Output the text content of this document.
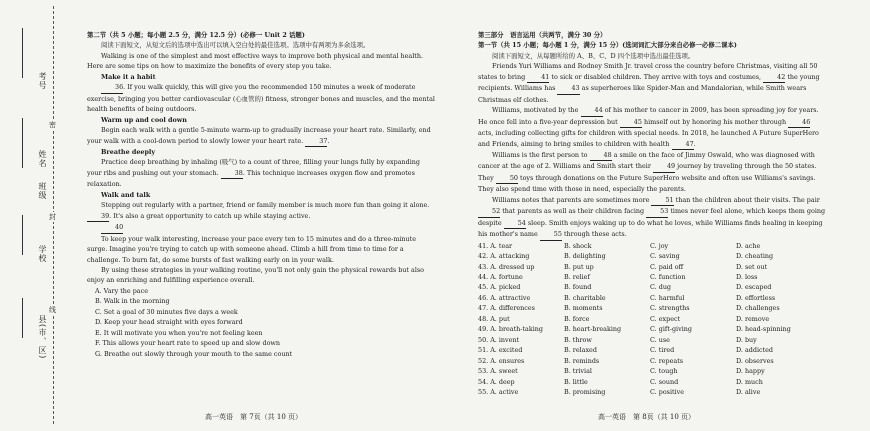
考号
姓名
班级
学校
县(市、区)
密
封
线

第二节（共 5 小题；每小题 2.5 分，满分 12.5 分）(必修一 Unit 2 话题)

阅读下面短文，从短文后的选项中选出可以填入空白处的最佳选项。选项中有两项为多余选项。

Walking is one of the simplest and most effective ways to improve both physical and mental health. Here are some tips on how to maximize the benefits of every step you take.

Make it a habit

36. If you walk quickly, this will give you the recommended 150 minutes a week of moderate exercise, bringing you better cardiovascular (心血管的) fitness, stronger bones and muscles, and the mental health benefits of being outdoors.

Warm up and cool down

Begin each walk with a gentle 5-minute warm-up to gradually increase your heart rate. Similarly, end your walk with a cool-down period to slowly lower your heart rate.	37.

Breathe deeply

Practice deep breathing by inhaling (吸气) to a count of three, filling your lungs fully by expanding your ribs and pushing out your stomach.	38. This technique increases oxygen flow and promotes relaxation.

Walk and talk

Stepping out regularly with a partner, friend or family member is much more fun than going it alone. 39. It's also a great opportunity to catch up while staying active.

40

To keep your walk interesting, increase your pace every ten to 15 minutes and do a three-minute surge. Imagine you're trying to catch up with someone ahead. Climb a hill from time to time for a challenge. To burn fat, do some bursts of fast walking early on in your walk.

By using these strategies in your walking routine, you'll not only gain the physical rewards but also enjoy an enriching and fulfilling experience overall.

A. Vary the pace

B. Walk in the morning

C. Set a goal of 30 minutes five days a week

D. Keep your head straight with eyes forward

E. It will motivate you when you're not feeling keen

F. This allows your heart rate to speed up and slow down

G. Breathe out slowly through your mouth to the same count

高一英语　第 7页（共 10 页）

第三部分　语言运用（共两节，满分 30 分）

第一节（共 15 小题；每小题 1 分，满分 15 分）(选词词汇大部分来自必修一必修二课本)

阅读下面短文，从每题所给的 A、B、C、D 四个选项中选出最佳选项。

Friends Yuri Williams and Rodney Smith Jr. travel cross the country before Christmas, visiting all 50 states to bring	41 to sick or disabled children. They arrive with toys and costumes,	42 the young recipients. Williams has	43 as superheroes like Spider-Man and Mandalorian, while Smith wears Christmas elf clothes.

Williams, motivated by the	44 of his mother to cancer in 2009, has been spreading joy for years. He once fell into a five-year depression but	45 himself out by honoring his mother through	46 acts, including collecting gifts for children with special needs. In 2018, he launched A Future SuperHero and Friends, aiming to bring smiles to children with health	47.

Williams is the first person to	48 a smile on the face of Jimmy Oswald, who was diagnosed with cancer at the age of 2. Williams and Smith start their	49 journey by traveling through the 50 states. They	50 toys through donations on the Future SuperHero website and often use Williams's savings. They also spend time with those in need, especially the parents.

Williams notes that parents are sometimes more	51 than the children about their visits. The pair 52 that parents as well as their children facing	53 times never feel alone, which keeps them going despite	54 sleep. Smith enjoys waking up to do what he loves, while Williams finds healing in keeping his mother's name	55 through these acts.

41. A. tear	B. shock	C. joy	D. ache
42. A. attacking	B. delighting	C. saving	D. cheating
43. A. dressed up	B. put up	C. paid off	D. set out
44. A. fortune	B. relief	C. function	D. loss
45. A. picked	B. found	C. dug	D. escaped
46. A. attractive	B. charitable	C. harmful	D. effortless
47. A. differences	B. moments	C. strengths	D. challenges
48. A. put	B. force	C. expect	D. remove
49. A. breath-taking	B. heart-breaking	C. gift-giving	D. head-spinning
50. A. invent	B. throw	C. use	D. buy
51. A. excited	B. relaxed	C. tired	D. addicted
52. A. ensures	B. reminds	C. repeats	D. observes
53. A. sweet	B. trivial	C. tough	D. happy
54. A. deep	B. little	C. sound	D. much
55. A. active	B. promising	C. positive	D. alive
高一英语　第 8页（共 10 页）
